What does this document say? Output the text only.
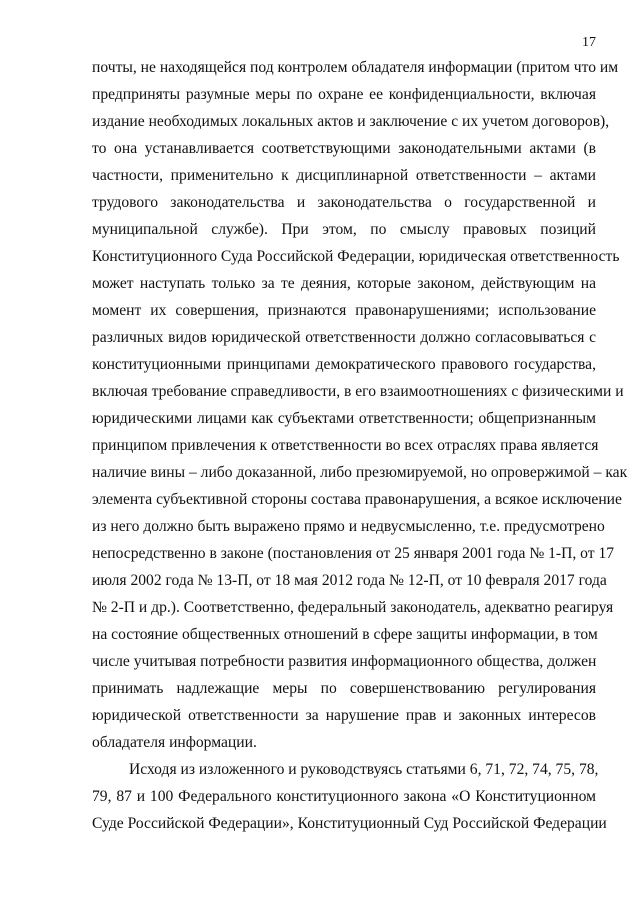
17
почты, не находящейся под контролем обладателя информации (притом что им
предприняты разумные меры по охране ее конфиденциальности, включая
издание необходимых локальных актов и заключение с их учетом договоров),
то она устанавливается соответствующими законодательными актами (в
частности, применительно к дисциплинарной ответственности – актами
трудового законодательства и законодательства о государственной и
муниципальной службе). При этом, по смыслу правовых позиций
Конституционного Суда Российской Федерации, юридическая ответственность
может наступать только за те деяния, которые законом, действующим на
момент их совершения, признаются правонарушениями; использование
различных видов юридической ответственности должно согласовываться с
конституционными принципами демократического правового государства,
включая требование справедливости, в его взаимоотношениях с физическими и
юридическими лицами как субъектами ответственности; общепризнанным
принципом привлечения к ответственности во всех отраслях права является
наличие вины – либо доказанной, либо презюмируемой, но опровержимой – как
элемента субъективной стороны состава правонарушения, а всякое исключение
из него должно быть выражено прямо и недвусмысленно, т.е. предусмотрено
непосредственно в законе (постановления от 25 января 2001 года № 1-П, от 17
июля 2002 года № 13-П, от 18 мая 2012 года № 12-П, от 10 февраля 2017 года
№ 2-П и др.). Соответственно, федеральный законодатель, адекватно реагируя
на состояние общественных отношений в сфере защиты информации, в том
числе учитывая потребности развития информационного общества, должен
принимать надлежащие меры по совершенствованию регулирования
юридической ответственности за нарушение прав и законных интересов
обладателя информации.
Исходя из изложенного и руководствуясь статьями 6, 71, 72, 74, 75, 78,
79, 87 и 100 Федерального конституционного закона «О Конституционном
Суде Российской Федерации», Конституционный Суд Российской Федерации
